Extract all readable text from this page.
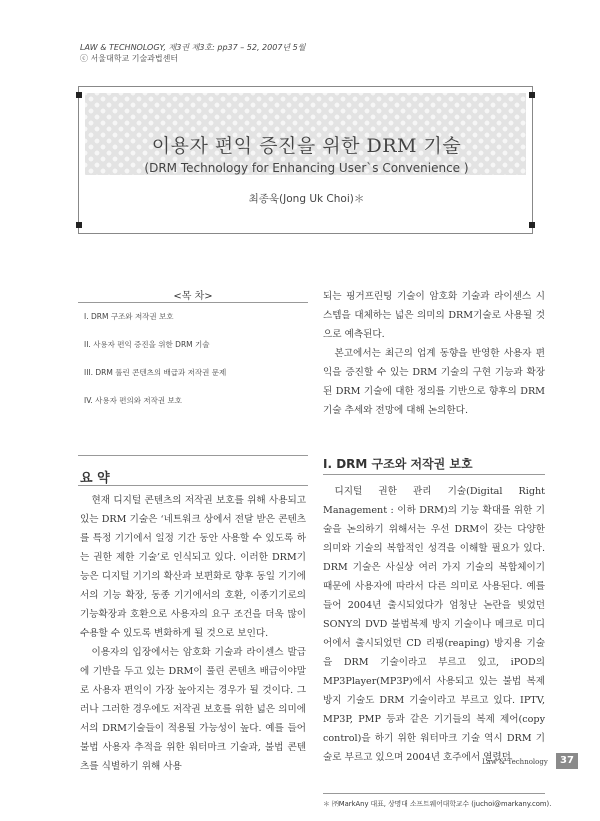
LAW & TECHNOLOGY, 제3권 제3호: pp37 – 52, 2007년 5월
ⓒ 서울대학교 기술과법센터
이용자 편익 증진을 위한 DRM 기술
(DRM Technology for Enhancing User`s Convenience )
최종욱(Jong Uk Choi)＊
<목 차>
I. DRM 구조와 저작권 보호
II. 사용자 편익 증진을 위한 DRM 기술
III. DRM 풀린 콘텐츠의 배급과 저작권 문제
IV. 사용자 편의와 저작권 보호
요 약

현재 디지털 콘텐츠의 저작권 보호를 위해 사용되고 있는 DRM 기술은 ‘네트워크 상에서 전달 받은 콘텐츠를 특정 기기에서 일정 기간 동안 사용할 수 있도록 하는 권한 제한 기술’로 인식되고 있다. 이러한 DRM기능은 디지털 기기의 확산과 보편화로 향후 동일 기기에서의 기능 확장, 동종 기기에서의 호환, 이종기기로의 기능확장과 호환으로 사용자의 요구 조건을 더욱 많이 수용할 수 있도록 변화하게 될 것으로 보인다.

이용자의 입장에서는 암호화 기술과 라이센스 발급에 기반을 두고 있는 DRM이 풀린 콘텐츠 배급이야말로 사용자 편익이 가장 높아지는 경우가 될 것이다. 그러나 그러한 경우에도 저작권 보호를 위한 넓은 의미에서의 DRM기술들이 적용될 가능성이 높다. 예를 들어 불법 사용자 추적을 위한 워터마크 기술과, 불법 콘텐츠를 식별하기 위해 사용

되는 핑거프린팅 기술이 암호화 기술과 라이센스 시스템을 대체하는 넓은 의미의 DRM기술로 사용될 것으로 예측된다.

본고에서는 최근의 업계 동향을 반영한 사용자 편익을 증진할 수 있는 DRM 기술의 구현 기능과 확장된 DRM 기술에 대한 정의를 기반으로 향후의 DRM기술 추세와 전망에 대해 논의한다.

I. DRM 구조와 저작권 보호

디지털 권한 관리 기술(Digital Right Management : 이하 DRM)의 기능 확대를 위한 기술을 논의하기 위해서는 우선 DRM이 갖는 다양한 의미와 기술의 복합적인 성격을 이해할 필요가 있다. DRM 기술은 사실상 여러 가지 기술의 복합체이기 때문에 사용자에 따라서 다른 의미로 사용된다. 예를 들어 2004년 출시되었다가 엄청난 논란을 빚었던 SONY의 DVD 불법복제 방지 기술이나 메크로 미디어에서 출시되었던 CD 리핑(reaping) 방지용 기술을 DRM 기술이라고 부르고 있고, iPOD의 MP3Player(MP3P)에서 사용되고 있는 불법 복제 방지 기술도 DRM 기술이라고 부르고 있다. IPTV, MP3P, PMP 등과 같은 기기들의 복제 제어(copy control)을 하기 위한 워터마크 기술 역시 DRM 기술로 부르고 있으며 2004년 호주에서 열렸던

＊ ㈜MarkAny 대표, 상명대 소프트웨어대학교수 (juchoi@markany.com).
Law & Technology	37
